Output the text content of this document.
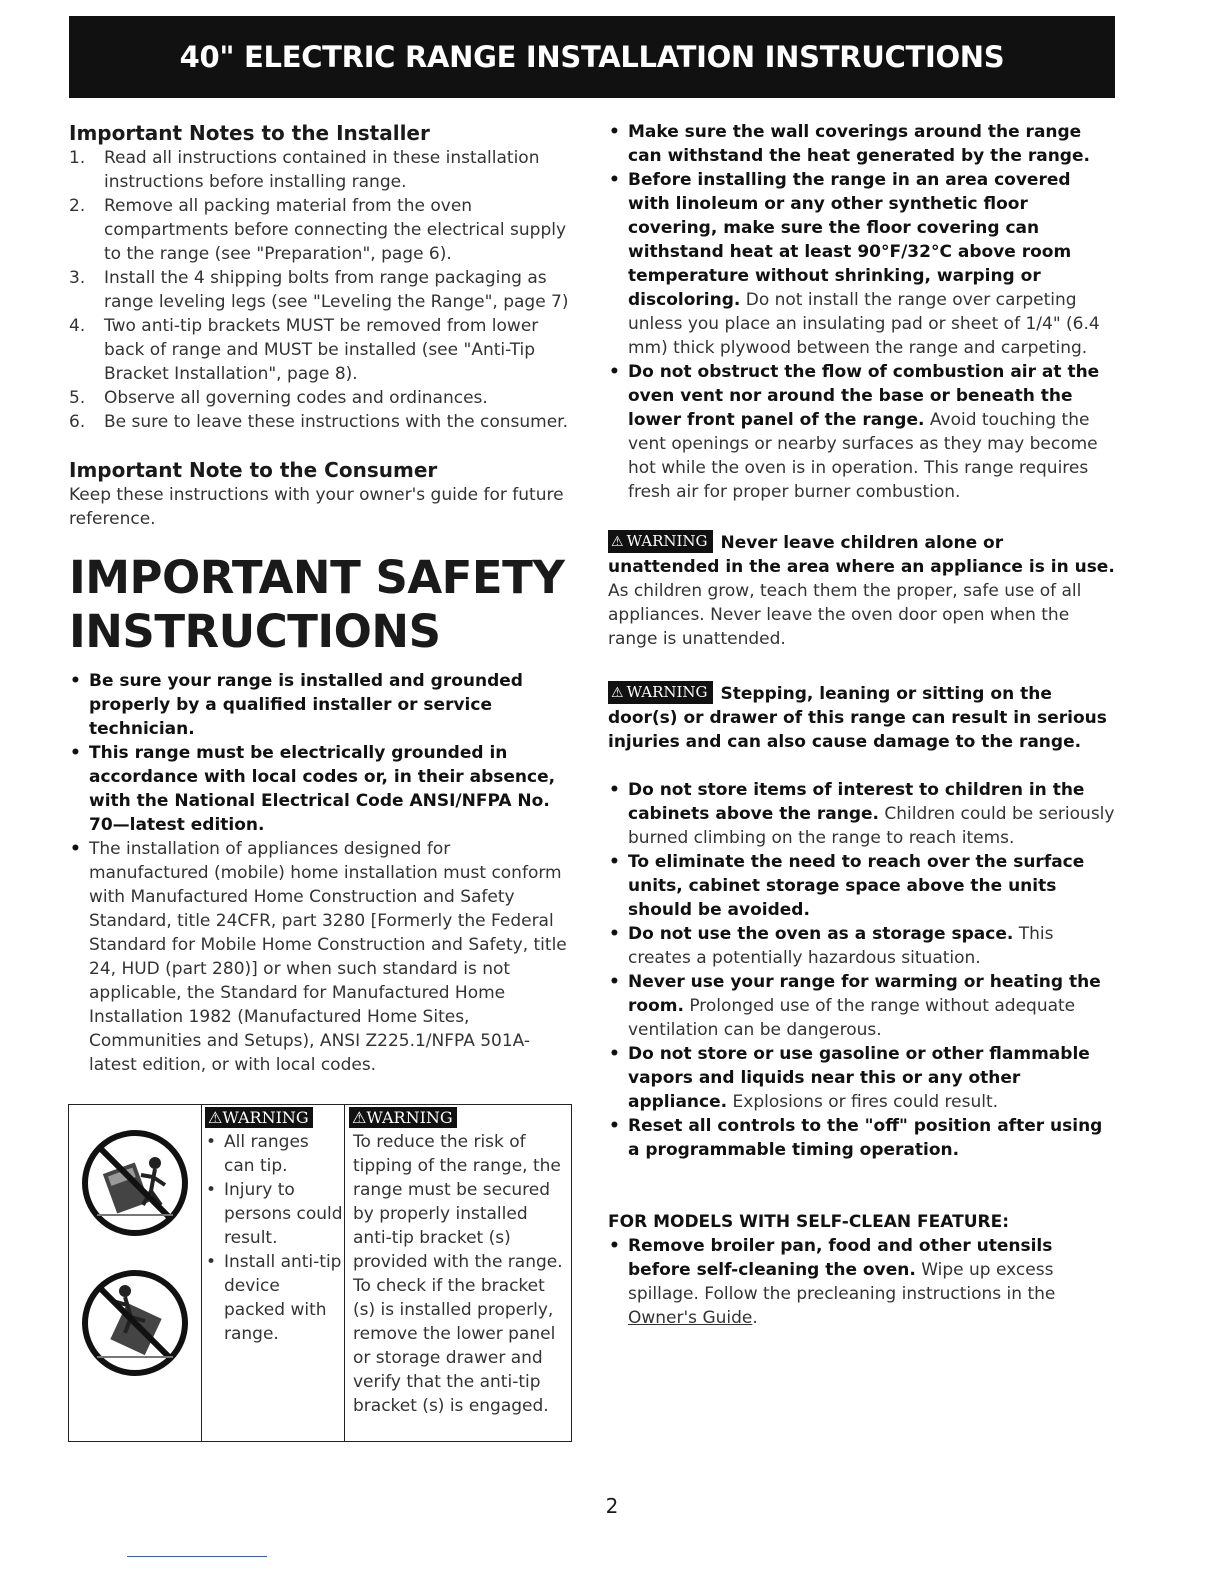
40" ELECTRIC RANGE INSTALLATION INSTRUCTIONS
Important Notes to the Installer
1. Read all instructions contained in these installation instructions before installing range.
2. Remove all packing material from the oven compartments before connecting the electrical supply to the range (see "Preparation", page 6).
3. Install the 4 shipping bolts from range packaging as range leveling legs (see "Leveling the Range", page 7)
4. Two anti-tip brackets MUST be removed from lower back of range and MUST be installed (see "Anti-Tip Bracket Installation", page 8).
5. Observe all governing codes and ordinances.
6. Be sure to leave these instructions with the consumer.
Important Note to the Consumer

Keep these instructions with your owner's guide for future reference.

IMPORTANT SAFETY INSTRUCTIONS
• Be sure your range is installed and grounded properly by a qualified installer or service technician.
• This range must be electrically grounded in accordance with local codes or, in their absence, with the National Electrical Code ANSI/NFPA No. 70—latest edition.
• The installation of appliances designed for manufactured (mobile) home installation must conform with Manufactured Home Construction and Safety Standard, title 24CFR, part 3280 [Formerly the Federal Standard for Mobile Home Construction and Safety, title 24, HUD (part 280)] or when such standard is not applicable, the Standard for Manufactured Home Installation 1982 (Manufactured Home Sites, Communities and Setups), ANSI Z225.1/NFPA 501A-latest edition, or with local codes.
⚠WARNING
• All ranges can tip.
• Injury to persons could result.
• Install anti-tip device packed with range.
⚠WARNING

To reduce the risk of tipping of the range, the range must be secured by properly installed anti-tip bracket (s) provided with the range. To check if the bracket (s) is installed properly, remove the lower panel or storage drawer and verify that the anti-tip bracket (s) is engaged.

• Make sure the wall coverings around the range can withstand the heat generated by the range.
• Before installing the range in an area covered with linoleum or any other synthetic floor covering, make sure the floor covering can withstand heat at least 90°F/32°C above room temperature without shrinking, warping or discoloring. Do not install the range over carpeting unless you place an insulating pad or sheet of 1/4" (6.4 mm) thick plywood between the range and carpeting.
• Do not obstruct the flow of combustion air at the oven vent nor around the base or beneath the lower front panel of the range. Avoid touching the vent openings or nearby surfaces as they may become hot while the oven is in operation. This range requires fresh air for proper burner combustion.

⚠ WARNING Never leave children alone or unattended in the area where an appliance is in use. As children grow, teach them the proper, safe use of all appliances. Never leave the oven door open when the range is unattended.

⚠ WARNING Stepping, leaning or sitting on the door(s) or drawer of this range can result in serious injuries and can also cause damage to the range.

• Do not store items of interest to children in the cabinets above the range. Children could be seriously burned climbing on the range to reach items.
• To eliminate the need to reach over the surface units, cabinet storage space above the units should be avoided.
• Do not use the oven as a storage space. This creates a potentially hazardous situation.
• Never use your range for warming or heating the room. Prolonged use of the range without adequate ventilation can be dangerous.
• Do not store or use gasoline or other flammable vapors and liquids near this or any other appliance. Explosions or fires could result.
• Reset all controls to the "off" position after using a programmable timing operation.
FOR MODELS WITH SELF-CLEAN FEATURE:
• Remove broiler pan, food and other utensils before self-cleaning the oven. Wipe up excess spillage. Follow the precleaning instructions in the Owner's Guide.
2
